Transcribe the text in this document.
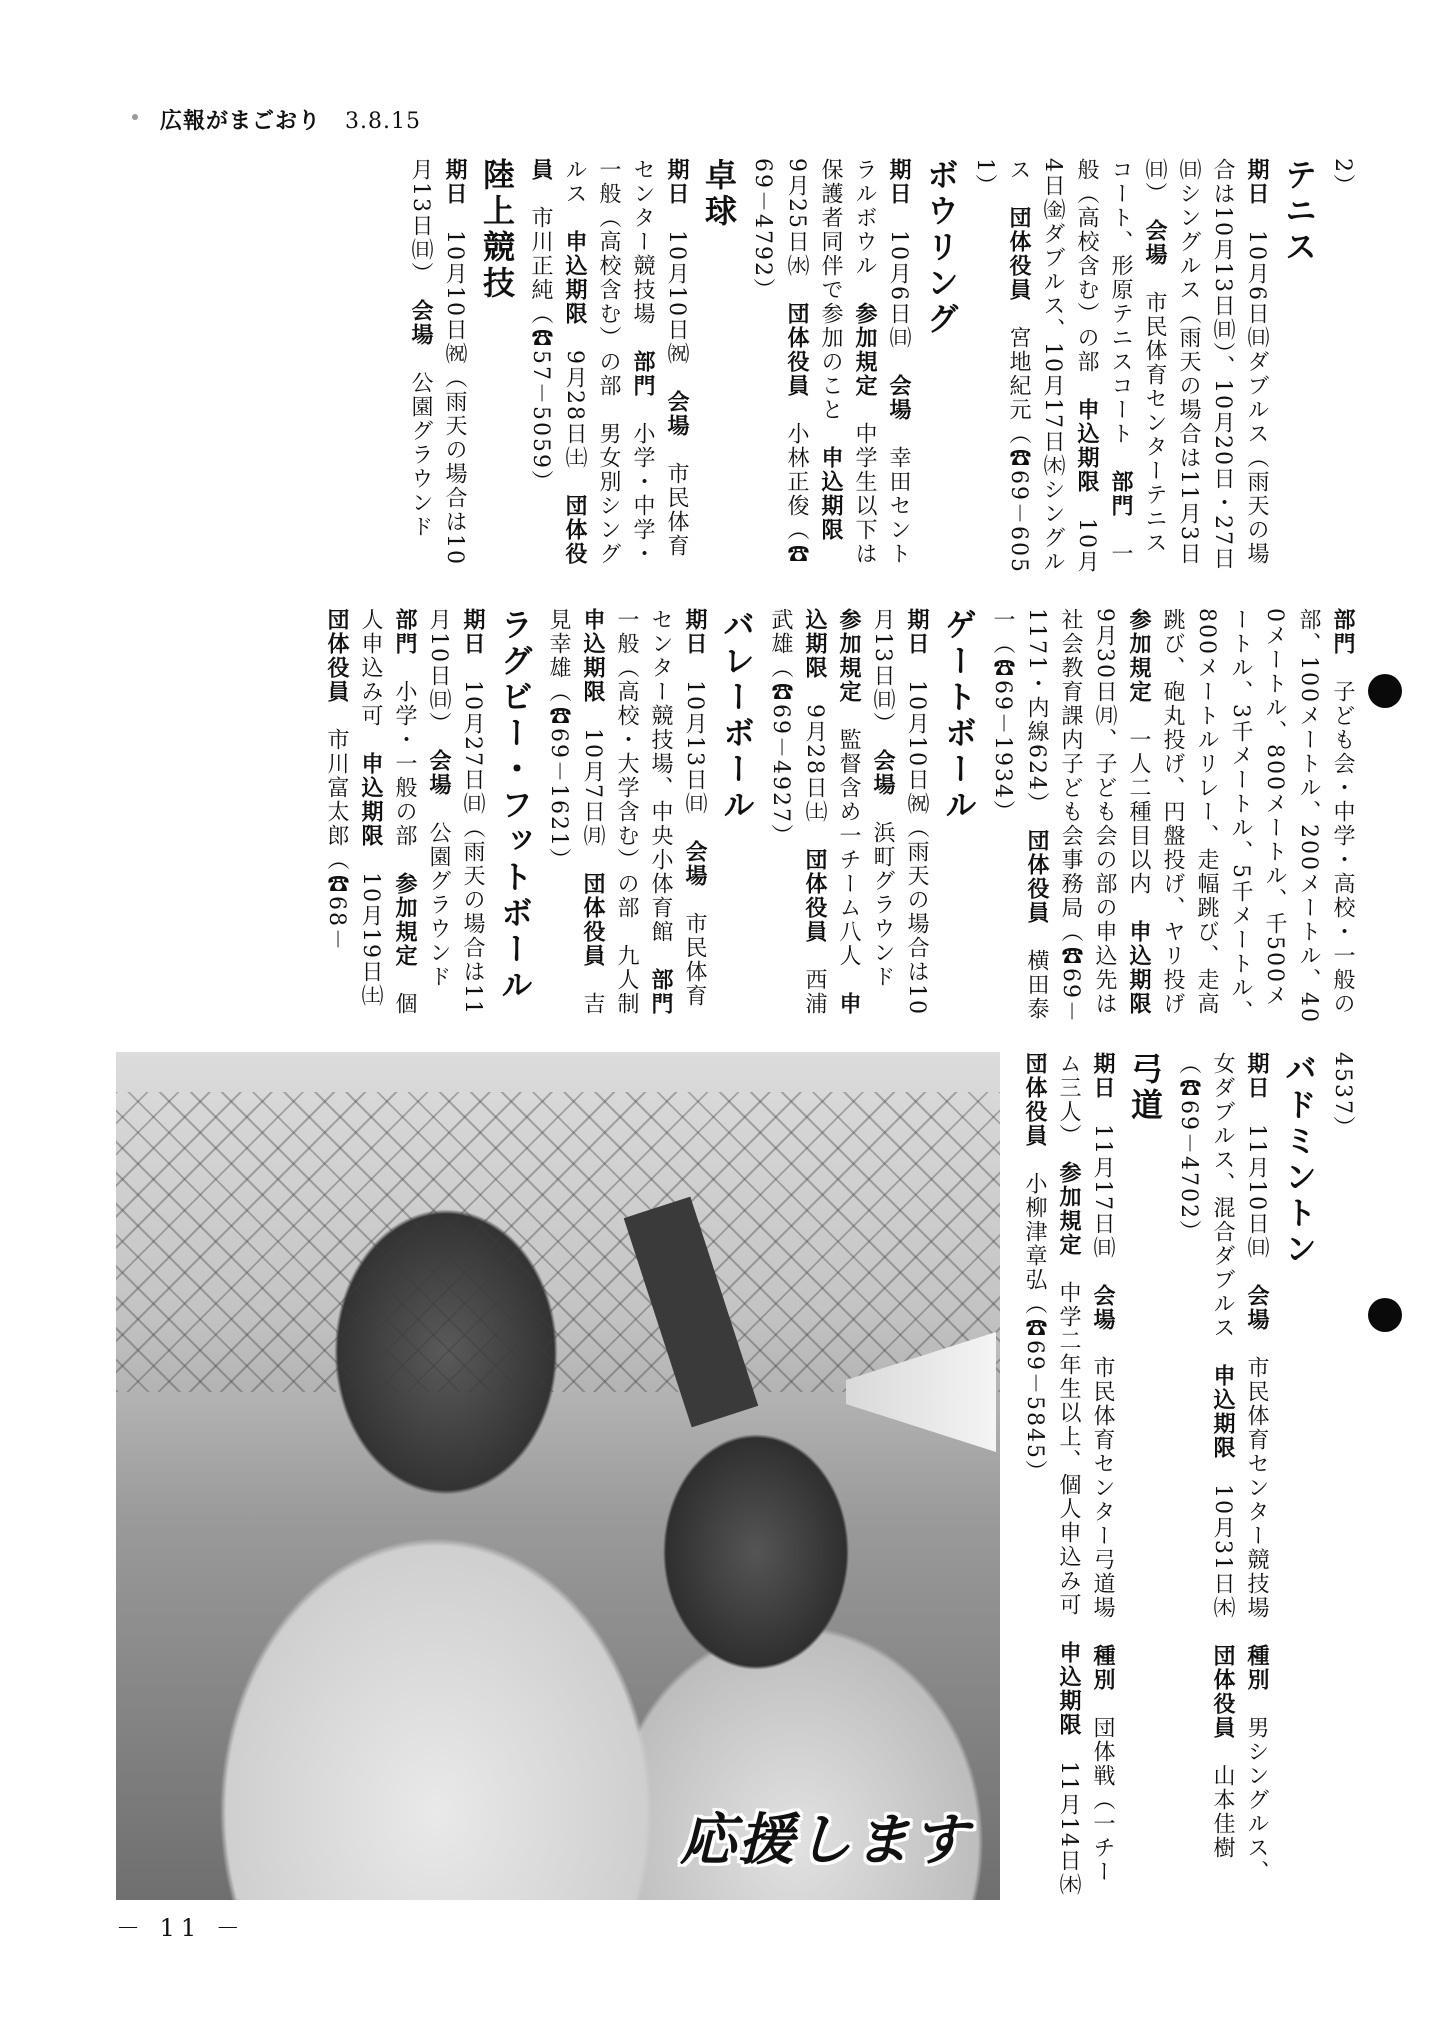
広報がまごおり 3.8.15
2）
テニス
期日　10月6日㈰ダブルス（雨天の場合は10月13日㈰）、10月20日・27日㈰シングルス（雨天の場合は11月3日㈰）　会場　市民体育センターテニスコート、形原テニスコート　部門　一般（高校含む）の部　申込期限　10月4日㈮ダブルス、10月17日㈭シングルス　団体役員　宮地紀元（☎69－6051）
ボウリング
期日　10月6日㈰　会場　幸田セントラルボウル　参加規定　中学生以下は保護者同伴で参加のこと　申込期限　9月25日㈬　団体役員　小林正俊（☎69－4792）
卓球
期日　10月10日㈷　会場　市民体育センター競技場　部門　小学・中学・一般（高校含む）の部　男女別シングルス　申込期限　9月28日㈯　団体役員　市川正純（☎57－5059）
陸上競技
期日　10月10日㈷（雨天の場合は10月13日㈰）　会場　公園グラウンド
部門　子ども会・中学・高校・一般の部、100メートル、200メートル、400メートル、800メートル、千500メートル、3千メートル、5千メートル、800メートルリレー、走幅跳び、走高跳び、砲丸投げ、円盤投げ、ヤリ投げ　参加規定　一人二種目以内　申込期限　9月30日㈪、子ども会の部の申込先は社会教育課内子ども会事務局（☎69－1171・内線624）　団体役員　横田泰一（☎69－1934）
ゲートボール
期日　10月10日㈷（雨天の場合は10月13日㈰）　会場　浜町グラウンド　参加規定　監督含め一チーム八人　申込期限　9月28日㈯　団体役員　西浦武雄（☎69－4927）
バレーボール
期日　10月13日㈰　会場　市民体育センター競技場、中央小体育館　部門　一般（高校・大学含む）の部　九人制　申込期限　10月7日㈪　団体役員　吉見幸雄（☎69－1621）
ラグビー・フットボール
期日　10月27日㈰（雨天の場合は11月10日㈰）　会場　公園グラウンド　部門　小学・一般の部　参加規定　個人申込み可　申込期限　10月19日㈯　団体役員　市川富太郎（☎68－
4537）
バドミントン
期日　11月10日㈰　会場　市民体育センター競技場　種別　男シングルス、女ダブルス、混合ダブルス　申込期限　10月31日㈭　団体役員　山本佳樹（☎69－4702）
弓道
期日　11月17日㈰　会場　市民体育センター弓道場　種別　団体戦（一チーム三人）　参加規定　中学二年生以上、個人申込み可　申込期限　11月14日㈭　団体役員　小柳津章弘（☎69－5845）
応援します
－ 11 －
